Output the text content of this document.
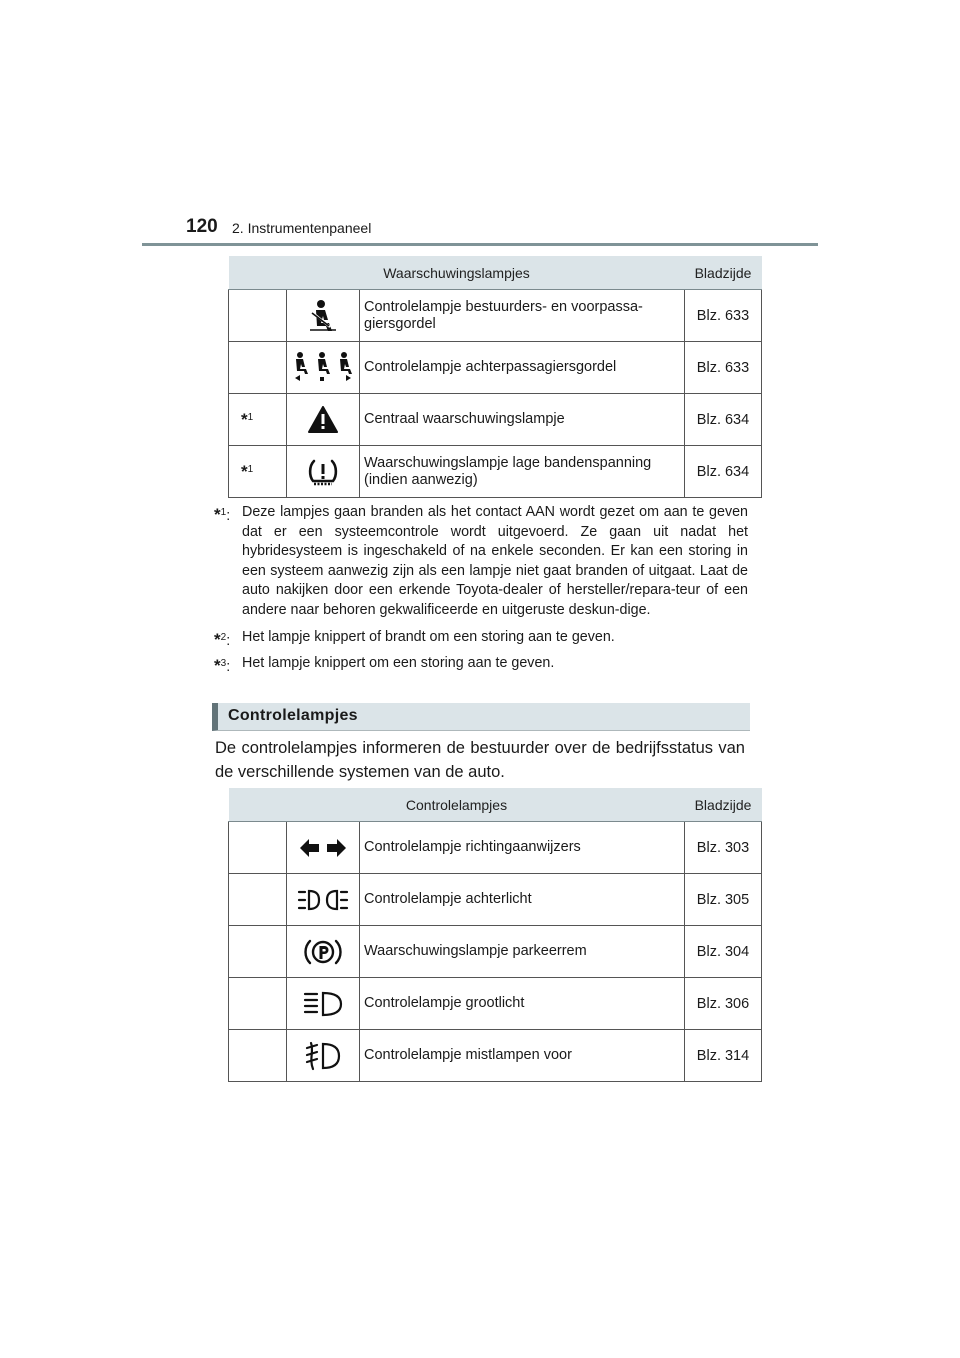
120 2. Instrumentenpaneel
Waarschuwingslampjes			Bladzijde
		Controlelampje bestuurders- en voorpassa-giersgordel	Blz. 633
		Controlelampje achterpassagiersgordel	Blz. 633
*$^1$		Centraal waarschuwingslampje	Blz. 634
*$^1$		Waarschuwingslampje lage bandenspanning (indien aanwezig)	Blz. 634
*$^1$: Deze lampjes gaan branden als het contact AAN wordt gezet om aan te geven dat er een systeemcontrole wordt uitgevoerd. Ze gaan uit nadat het hybridesysteem is ingeschakeld of na enkele seconden. Er kan een storing in een systeem aanwezig zijn als een lampje niet gaat branden of uitgaat. Laat de auto nakijken door een erkende Toyota-dealer of hersteller/repara-teur of een andere naar behoren gekwalificeerde en uitgeruste deskun-dige.
*$^2$: Het lampje knippert of brandt om een storing aan te geven.
*$^3$: Het lampje knippert om een storing aan te geven.
Controlelampjes
De controlelampjes informeren de bestuurder over de bedrijfsstatus van de verschillende systemen van de auto.
Controlelampjes			Bladzijde
		Controlelampje richtingaanwijzers	Blz. 303
		Controlelampje achterlicht	Blz. 305
		Waarschuwingslampje parkeerrem	Blz. 304
		Controlelampje grootlicht	Blz. 306
		Controlelampje mistlampen voor	Blz. 314
